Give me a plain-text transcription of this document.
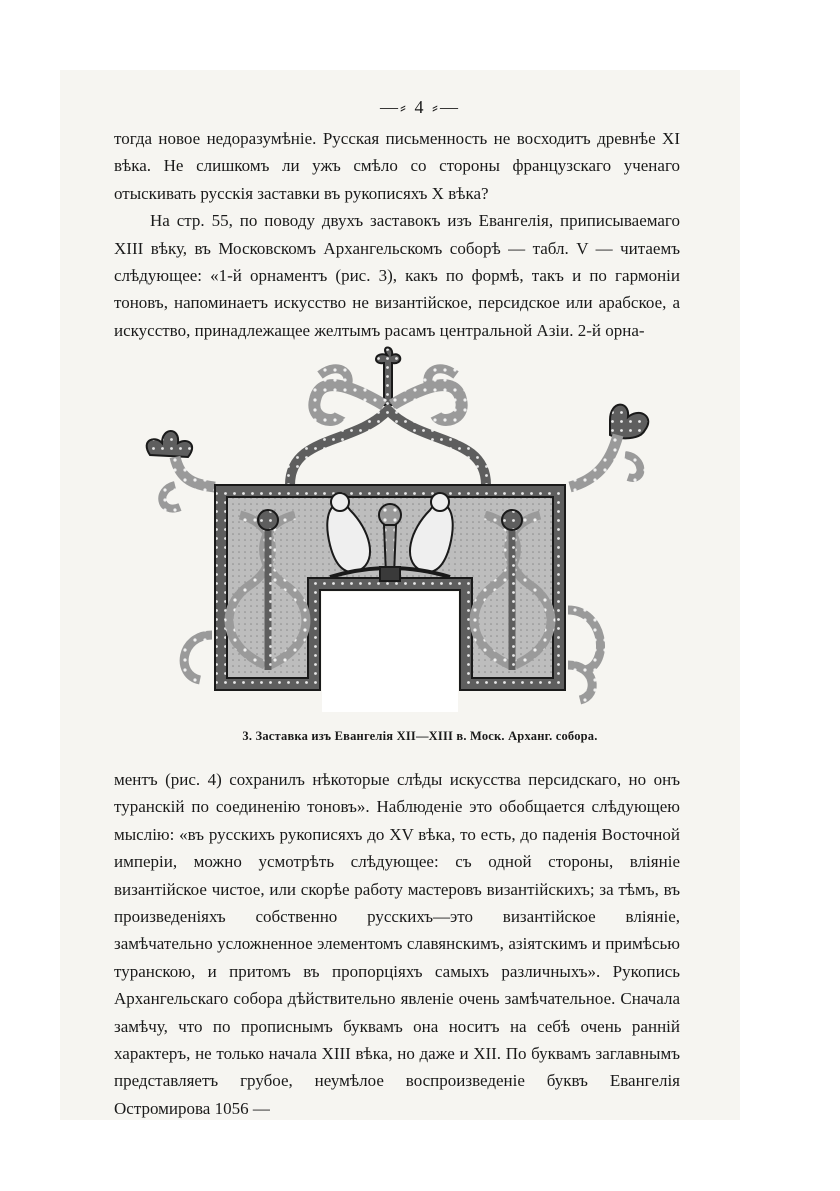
—⸗ 4 ⸗—

тогда новое недоразумѣніе. Русская письменность не восходитъ древнѣе XI вѣка. Не слишкомъ ли ужъ смѣло со стороны французскаго ученаго отыскивать русскія заставки въ рукописяхъ X вѣка?

На стр. 55, по поводу двухъ заставокъ изъ Евангелія, приписываемаго XIII вѣку, въ Московскомъ Архангельскомъ соборѣ — табл. V — читаемъ слѣдующее: «1-й орнаментъ (рис. 3), какъ по формѣ, такъ и по гармоніи тоновъ, напоминаетъ искусство не византійское, персидское или арабское, а искусство, принадлежащее желтымъ расамъ центральной Азіи. 2-й орна-

3. Заставка изъ Евангелія XII—XIII в. Моск. Арханг. собора.

ментъ (рис. 4) сохранилъ нѣкоторые слѣды искусства персидскаго, но онъ туранскій по соединенію тоновъ». Наблюденіе это обобщается слѣдующею мыслію: «въ русскихъ рукописяхъ до XV вѣка, то есть, до паденія Восточной имперіи, можно усмотрѣть слѣдующее: съ одной стороны, вліяніе византійское чистое, или скорѣе работу мастеровъ византійскихъ; за тѣмъ, въ произведеніяхъ собственно русскихъ—это византійское вліяніе, замѣчательно усложненное элементомъ славянскимъ, азіятскимъ и примѣсью туранскою, и притомъ въ пропорціяхъ самыхъ различныхъ». Рукопись Архангельскаго собора дѣйствительно явленіе очень замѣчательное. Сначала замѣчу, что по прописнымъ буквамъ она носитъ на себѣ очень ранній характеръ, не только начала XIII вѣка, но даже и XII. По буквамъ заглавнымъ представляетъ грубое, неумѣлое воспроизведеніе буквъ Евангелія Остромирова 1056 —
